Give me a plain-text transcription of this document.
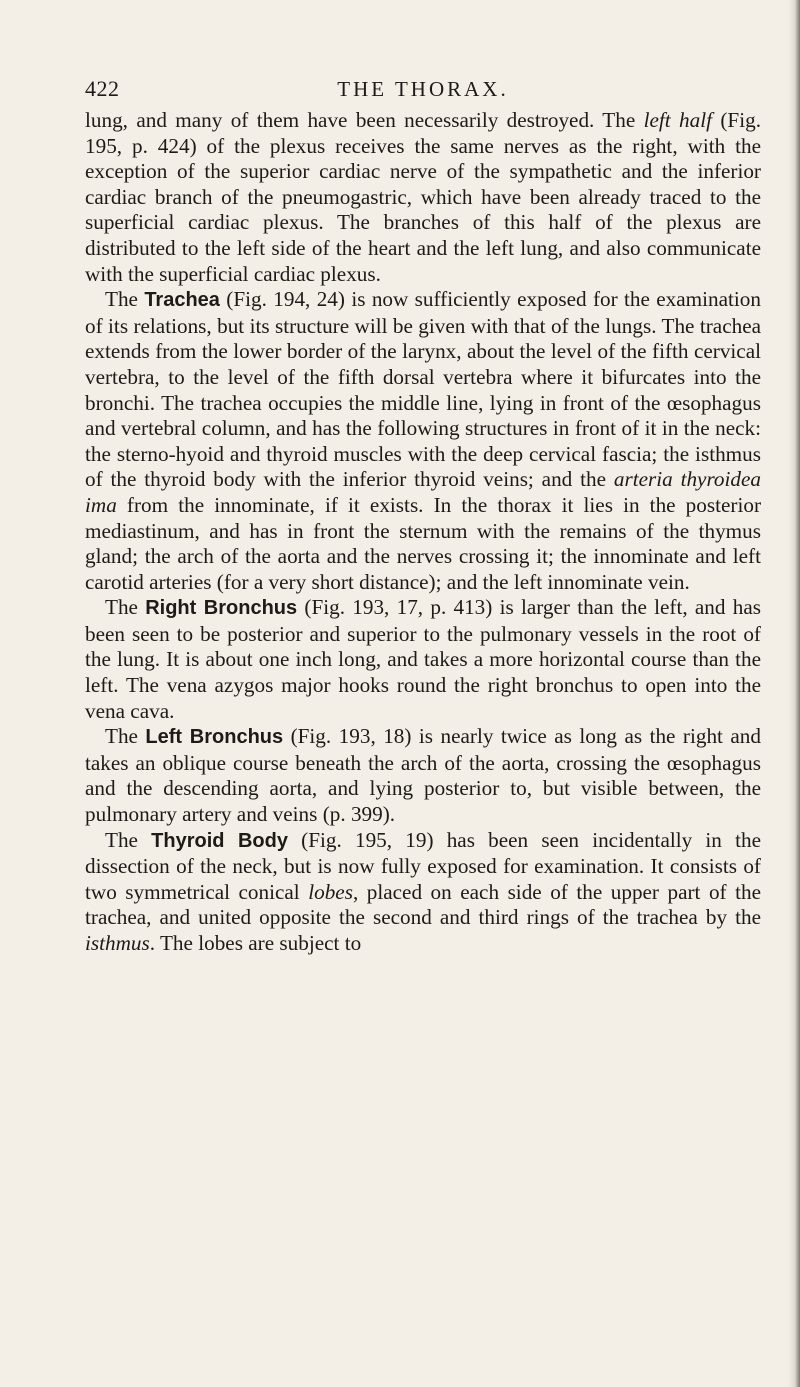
422	THE THORAX.

lung, and many of them have been necessarily destroyed. The left half (Fig. 195, p. 424) of the plexus receives the same nerves as the right, with the exception of the superior cardiac nerve of the sympathetic and the inferior cardiac branch of the pneumogastric, which have been already traced to the superficial cardiac plexus. The branches of this half of the plexus are distributed to the left side of the heart and the left lung, and also communicate with the superficial cardiac plexus.

The Trachea (Fig. 194, 24) is now sufficiently exposed for the examination of its relations, but its structure will be given with that of the lungs. The trachea extends from the lower border of the larynx, about the level of the fifth cervical vertebra, to the level of the fifth dorsal vertebra where it bifurcates into the bronchi. The trachea occupies the middle line, lying in front of the œsophagus and vertebral column, and has the following structures in front of it in the neck: the sterno-hyoid and thyroid muscles with the deep cervical fascia; the isthmus of the thyroid body with the inferior thyroid veins; and the arteria thyroidea ima from the innominate, if it exists. In the thorax it lies in the posterior mediastinum, and has in front the sternum with the remains of the thymus gland; the arch of the aorta and the nerves crossing it; the innominate and left carotid arteries (for a very short distance); and the left innominate vein.

The Right Bronchus (Fig. 193, 17, p. 413) is larger than the left, and has been seen to be posterior and superior to the pulmonary vessels in the root of the lung. It is about one inch long, and takes a more horizontal course than the left. The vena azygos major hooks round the right bronchus to open into the vena cava.

The Left Bronchus (Fig. 193, 18) is nearly twice as long as the right and takes an oblique course beneath the arch of the aorta, crossing the œsophagus and the descending aorta, and lying posterior to, but visible between, the pulmonary artery and veins (p. 399).

The Thyroid Body (Fig. 195, 19) has been seen incidentally in the dissection of the neck, but is now fully exposed for examination. It consists of two symmetrical conical lobes, placed on each side of the upper part of the trachea, and united opposite the second and third rings of the trachea by the isthmus. The lobes are subject to
